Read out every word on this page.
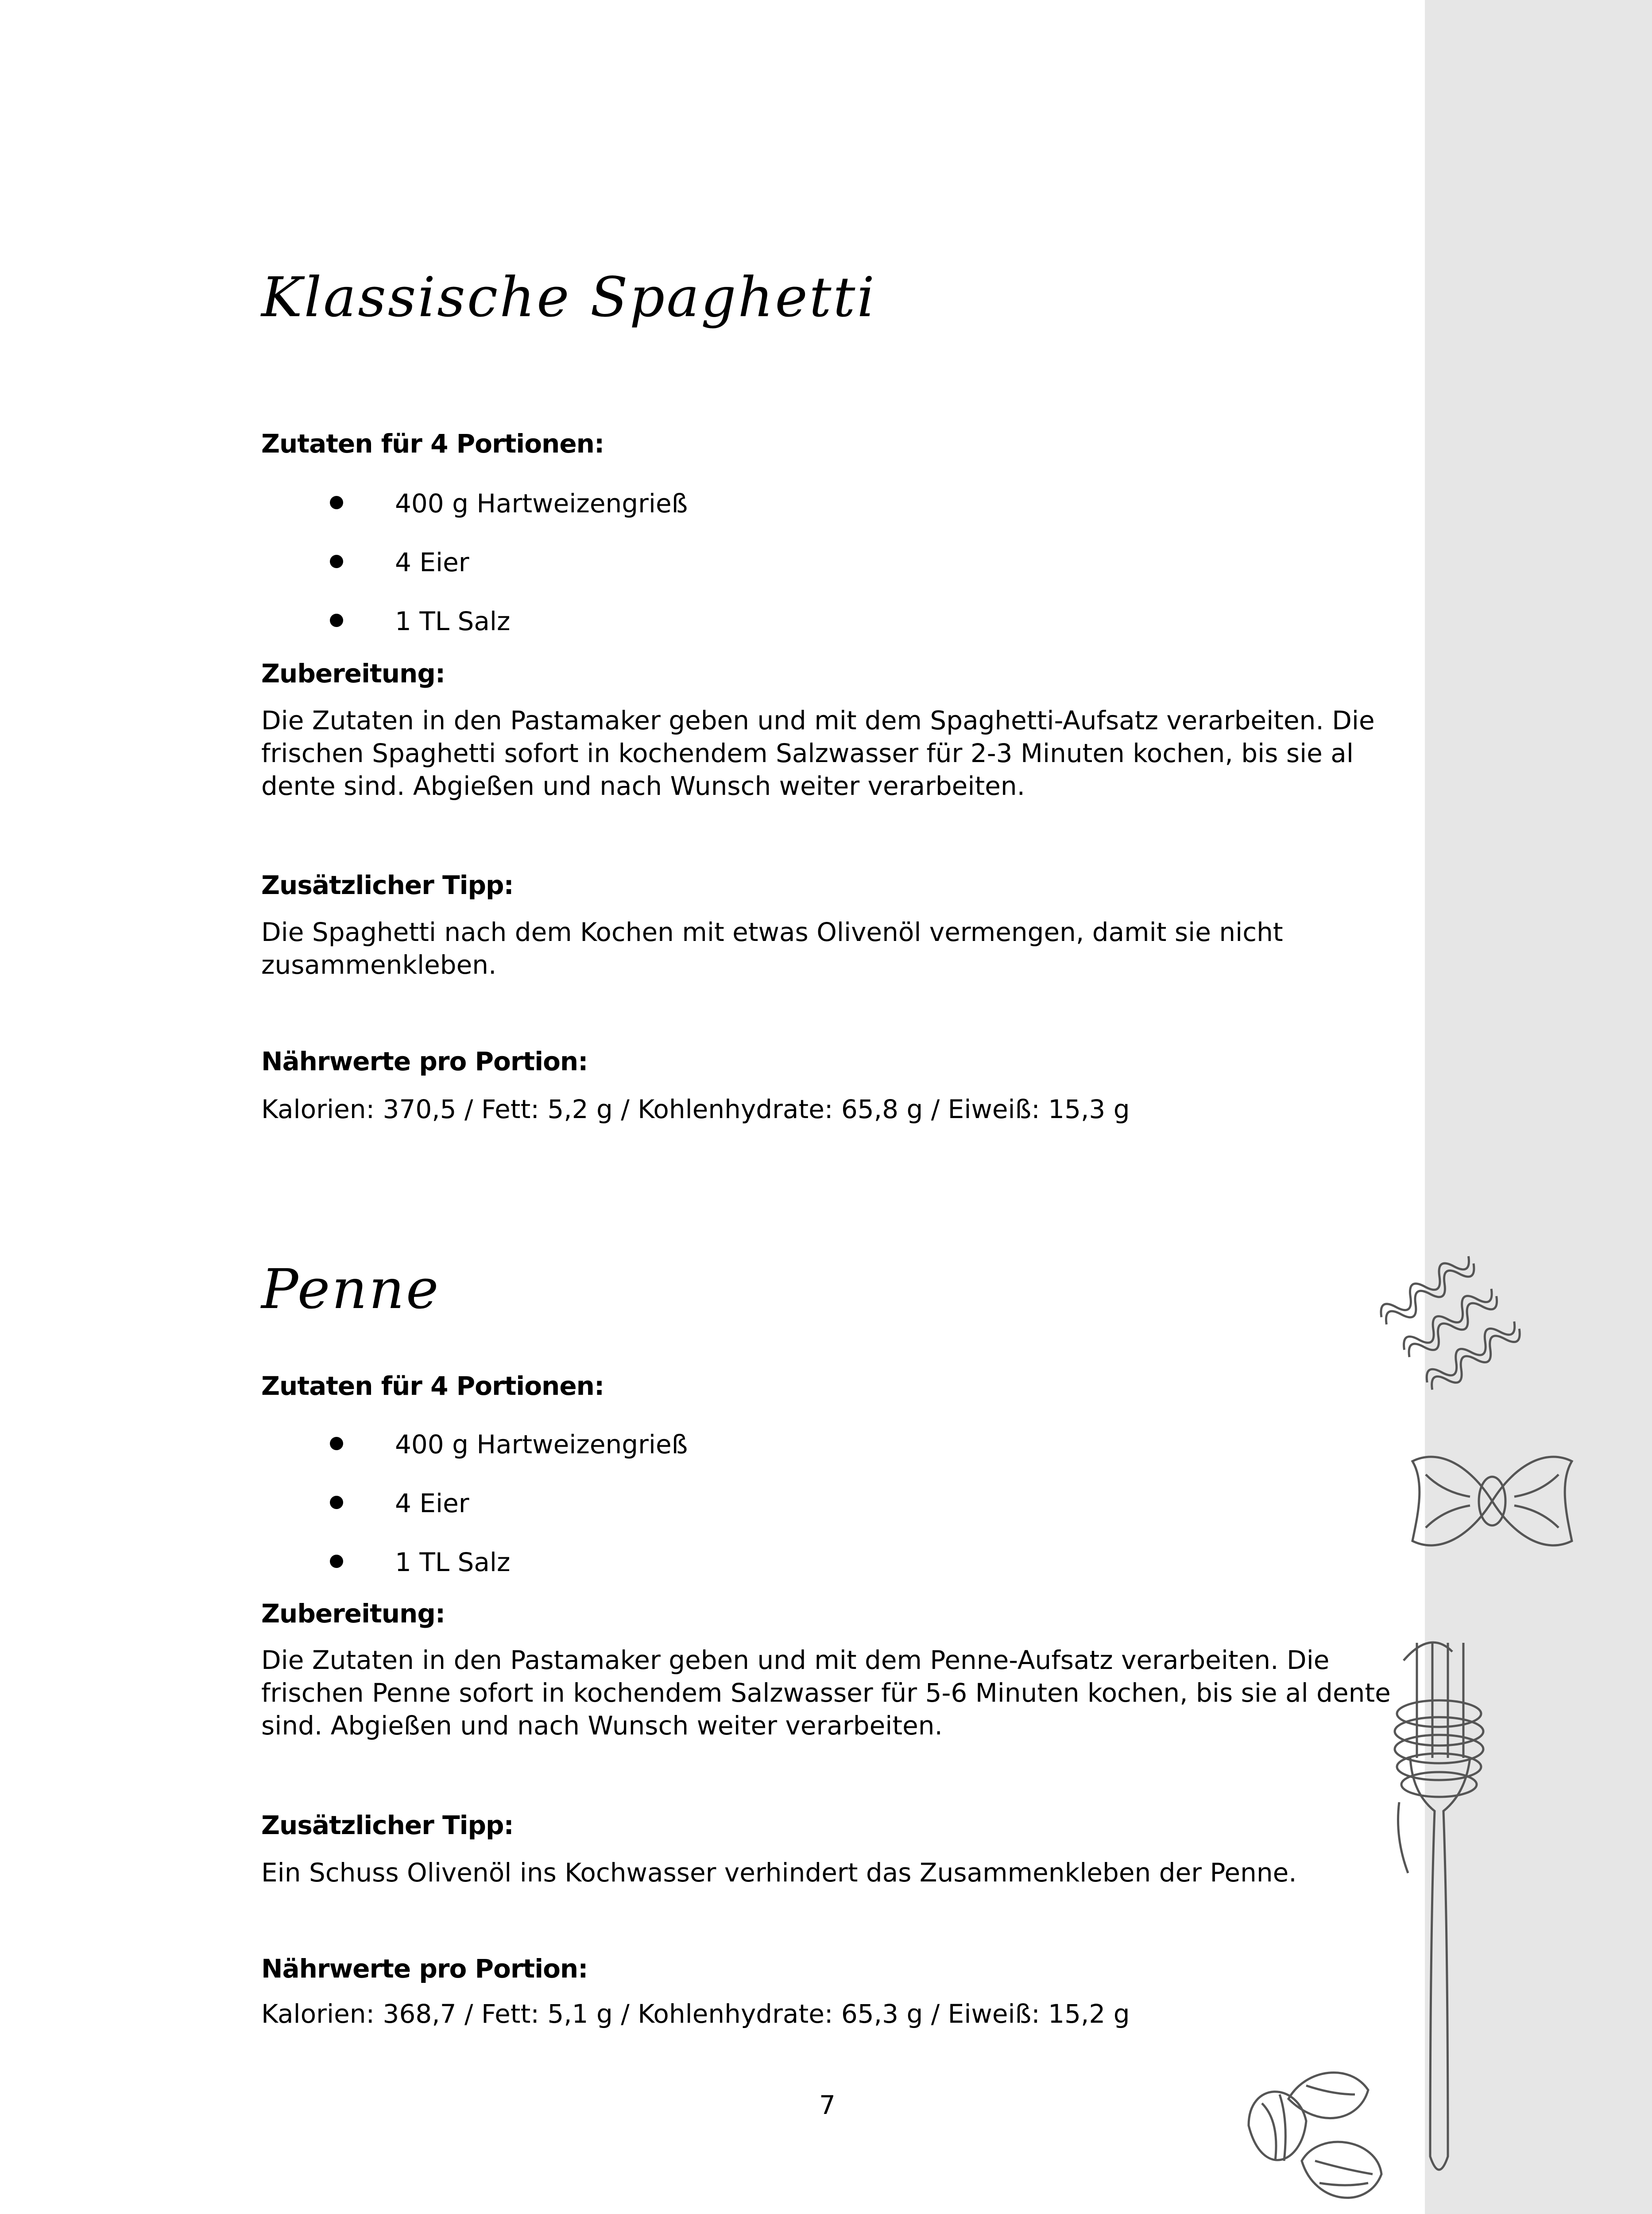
Klassische Spaghetti
Zutaten für 4 Portionen:
400 g Hartweizengrieß
4 Eier
1 TL Salz
Zubereitung:
Die Zutaten in den Pastamaker geben und mit dem Spaghetti-Aufsatz verarbeiten. Die frischen Spaghetti sofort in kochendem Salzwasser für 2-3 Minuten kochen, bis sie al dente sind. Abgießen und nach Wunsch weiter verarbeiten.
Zusätzlicher Tipp:
Die Spaghetti nach dem Kochen mit etwas Olivenöl vermengen, damit sie nicht zusammenkleben.
Nährwerte pro Portion:
Kalorien: 370,5 / Fett: 5,2 g / Kohlenhydrate: 65,8 g / Eiweiß: 15,3 g
Penne
Zutaten für 4 Portionen:
400 g Hartweizengrieß
4 Eier
1 TL Salz
Zubereitung:
Die Zutaten in den Pastamaker geben und mit dem Penne-Aufsatz verarbeiten. Die frischen Penne sofort in kochendem Salzwasser für 5-6 Minuten kochen, bis sie al dente sind. Abgießen und nach Wunsch weiter verarbeiten.
Zusätzlicher Tipp:
Ein Schuss Olivenöl ins Kochwasser verhindert das Zusammenkleben der Penne.
Nährwerte pro Portion:
Kalorien: 368,7 / Fett: 5,1 g / Kohlenhydrate: 65,3 g / Eiweiß: 15,2 g
7
